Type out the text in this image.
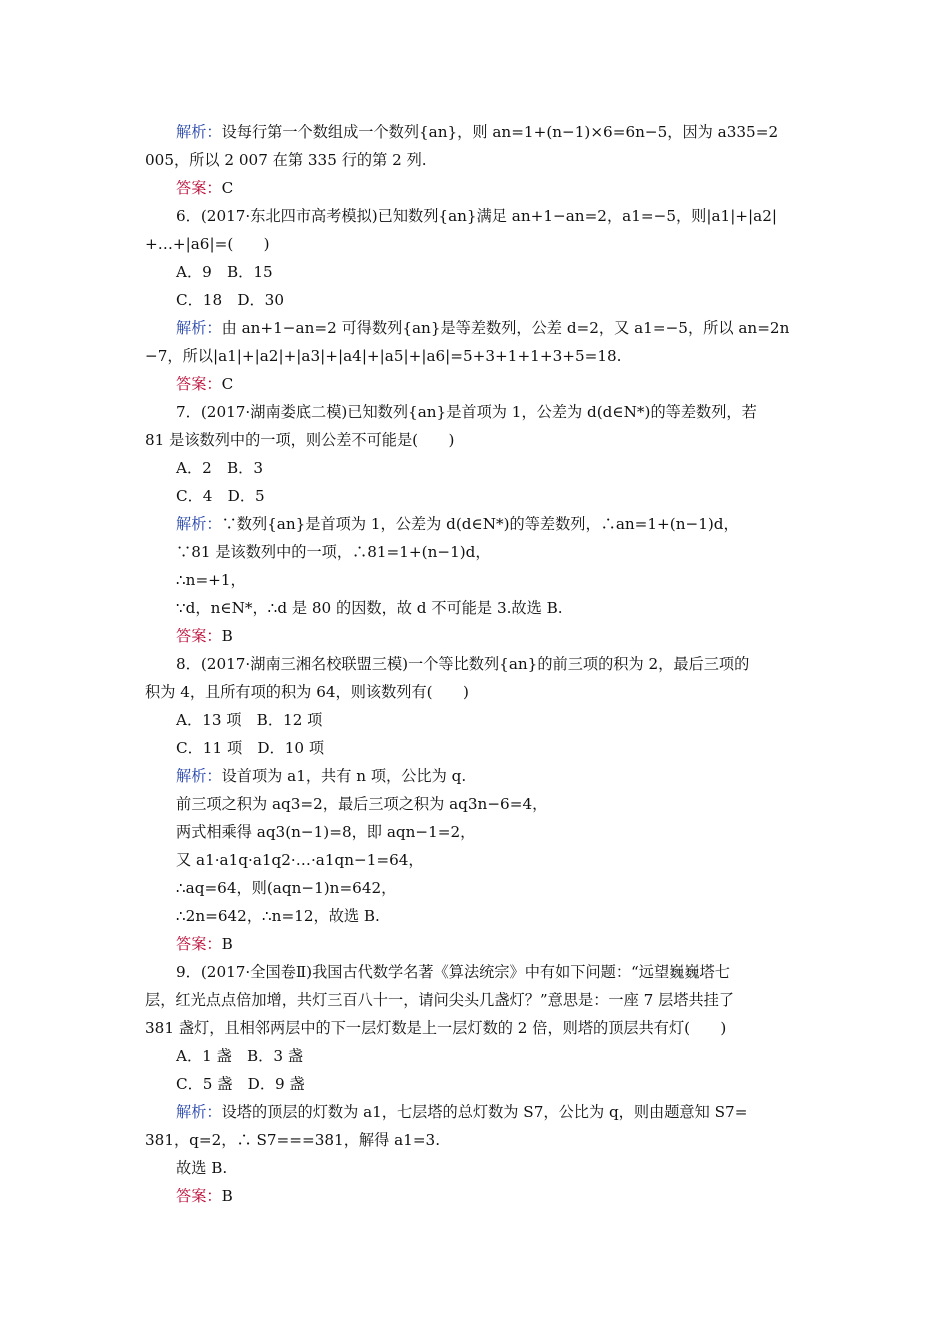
解析：设每行第一个数组成一个数列{an}，则 an=1+(n−1)×6=6n−5，因为 a335=2
005，所以 2 007 在第 335 行的第 2 列.
答案：C
6．(2017·东北四市高考模拟)已知数列{an}满足 an+1−an=2，a1=−5，则|a1|+|a2|
+…+|a6|=(　　)
A．9　B．15
C．18　D．30
解析：由 an+1−an=2 可得数列{an}是等差数列，公差 d=2，又 a1=−5，所以 an=2n
−7，所以|a1|+|a2|+|a3|+|a4|+|a5|+|a6|=5+3+1+1+3+5=18.
答案：C
7．(2017·湖南娄底二模)已知数列{an}是首项为 1，公差为 d(d∈N*)的等差数列，若
81 是该数列中的一项，则公差不可能是(　　)
A．2　B．3
C．4　D．5
解析：∵数列{an}是首项为 1，公差为 d(d∈N*)的等差数列，∴an=1+(n−1)d，
∵81 是该数列中的一项，∴81=1+(n−1)d，
∴n=+1，
∵d，n∈N*，∴d 是 80 的因数，故 d 不可能是 3.故选 B.
答案：B
8．(2017·湖南三湘名校联盟三模)一个等比数列{an}的前三项的积为 2，最后三项的
积为 4，且所有项的积为 64，则该数列有(　　)
A．13 项　B．12 项
C．11 项　D．10 项
解析：设首项为 a1，共有 n 项，公比为 q.
前三项之积为 aq3=2，最后三项之积为 aq3n−6=4，
两式相乘得 aq3(n−1)=8，即 aqn−1=2，
又 a1·a1q·a1q2·…·a1qn−1=64，
∴aq=64，则(aqn−1)n=642，
∴2n=642，∴n=12，故选 B.
答案：B
9．(2017·全国卷Ⅱ)我国古代数学名著《算法统宗》中有如下问题：“远望巍巍塔七
层，红光点点倍加增，共灯三百八十一，请问尖头几盏灯？”意思是：一座 7 层塔共挂了
381 盏灯，且相邻两层中的下一层灯数是上一层灯数的 2 倍，则塔的顶层共有灯(　　)
A．1 盏　B．3 盏
C．5 盏　D．9 盏
解析：设塔的顶层的灯数为 a1，七层塔的总灯数为 S7，公比为 q，则由题意知 S7=
381，q=2，∴ S7===381，解得 a1=3.
故选 B.
答案：B
